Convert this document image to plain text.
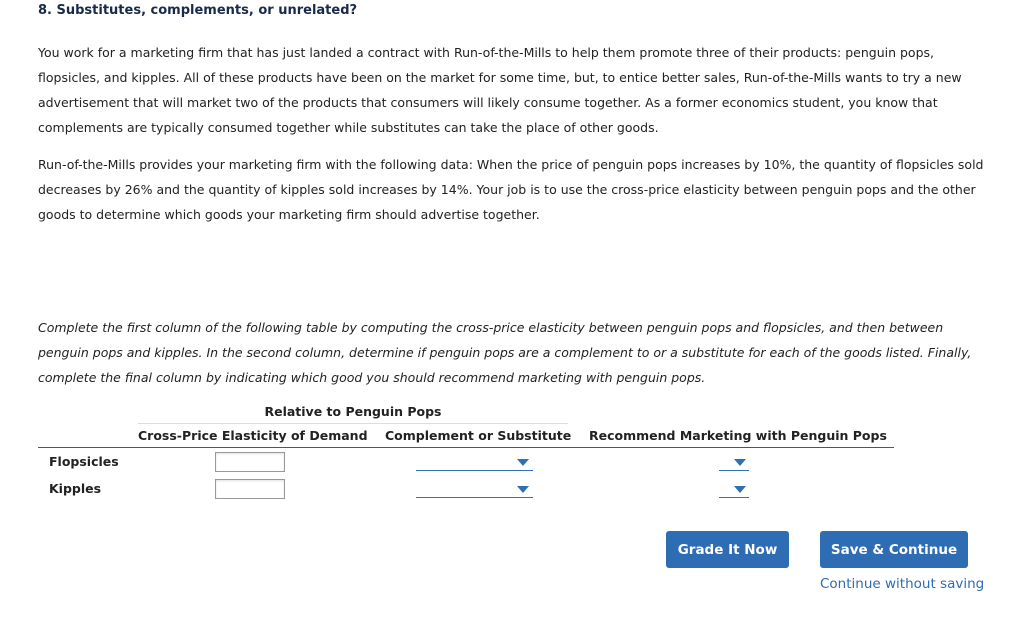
8. Substitutes, complements, or unrelated?
You work for a marketing firm that has just landed a contract with Run-of-the-Mills to help them promote three of their products: penguin pops, flopsicles, and kipples. All of these products have been on the market for some time, but, to entice better sales, Run-of-the-Mills wants to try a new advertisement that will market two of the products that consumers will likely consume together. As a former economics student, you know that complements are typically consumed together while substitutes can take the place of other goods.
Run-of-the-Mills provides your marketing firm with the following data: When the price of penguin pops increases by 10%, the quantity of flopsicles sold decreases by 26% and the quantity of kipples sold increases by 14%. Your job is to use the cross-price elasticity between penguin pops and the other goods to determine which goods your marketing firm should advertise together.
Complete the first column of the following table by computing the cross-price elasticity between penguin pops and flopsicles, and then between penguin pops and kipples. In the second column, determine if penguin pops are a complement to or a substitute for each of the goods listed. Finally, complete the final column by indicating which good you should recommend marketing with penguin pops.
Relative to Penguin Pops
Cross-Price Elasticity of Demand Complement or Substitute Recommend Marketing with Penguin Pops
Flopsicles
Kipples
Grade It Now	Save & Continue
Continue without saving
